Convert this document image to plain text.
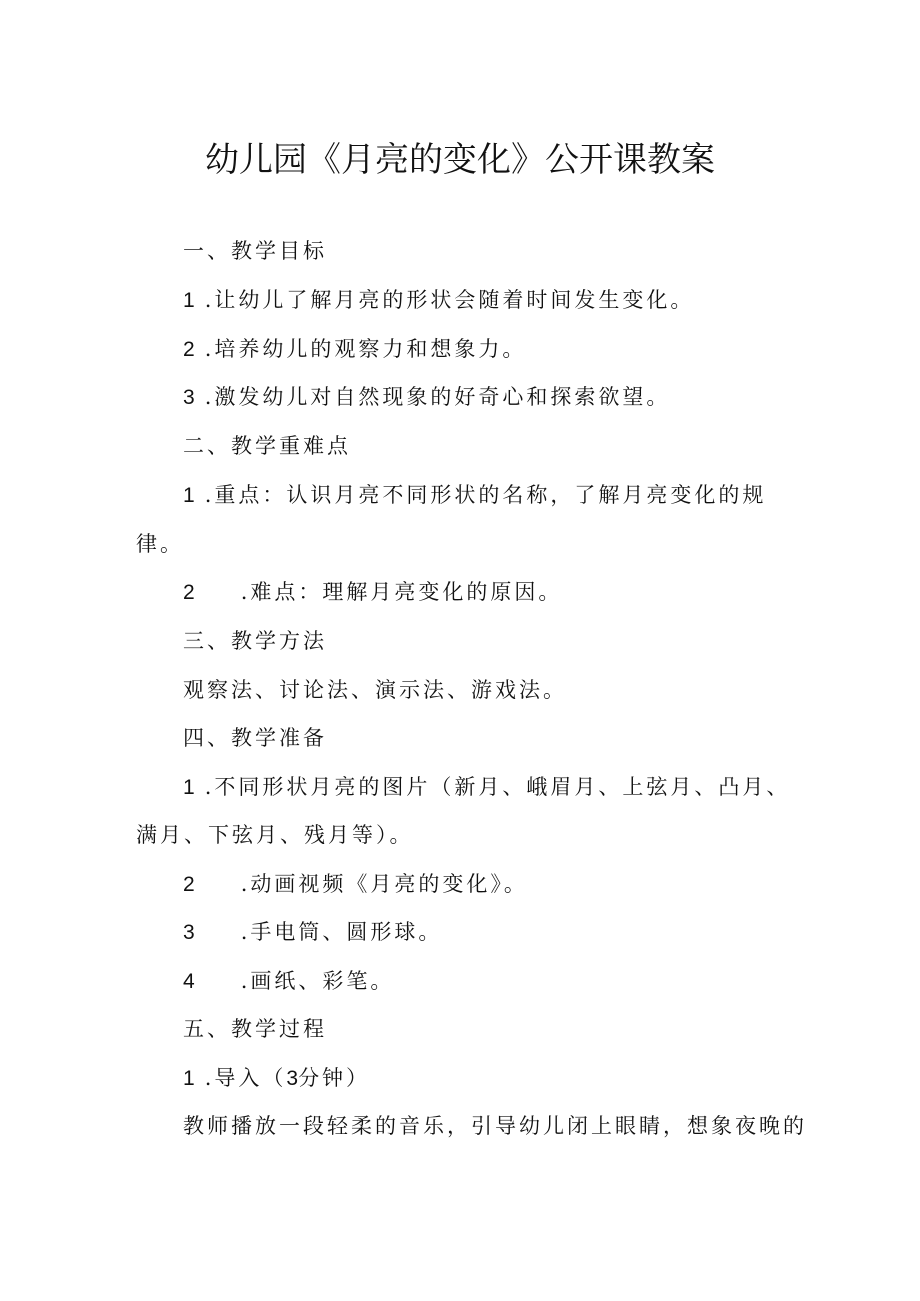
幼儿园《月亮的变化》公开课教案
一、教学目标
1 .让幼儿了解月亮的形状会随着时间发生变化。
2 .培养幼儿的观察力和想象力。
3 .激发幼儿对自然现象的好奇心和探索欲望。
二、教学重难点
1 .重点：认识月亮不同形状的名称，了解月亮变化的规
律。
2 .难点：理解月亮变化的原因。
三、教学方法
观察法、讨论法、演示法、游戏法。
四、教学准备
1 .不同形状月亮的图片（新月、峨眉月、上弦月、凸月、
满月、下弦月、残月等）。
2 .动画视频《月亮的变化》。
3 .手电筒、圆形球。
4 .画纸、彩笔。
五、教学过程
1 .导入（3分钟）
教师播放一段轻柔的音乐，引导幼儿闭上眼睛，想象夜晚的
